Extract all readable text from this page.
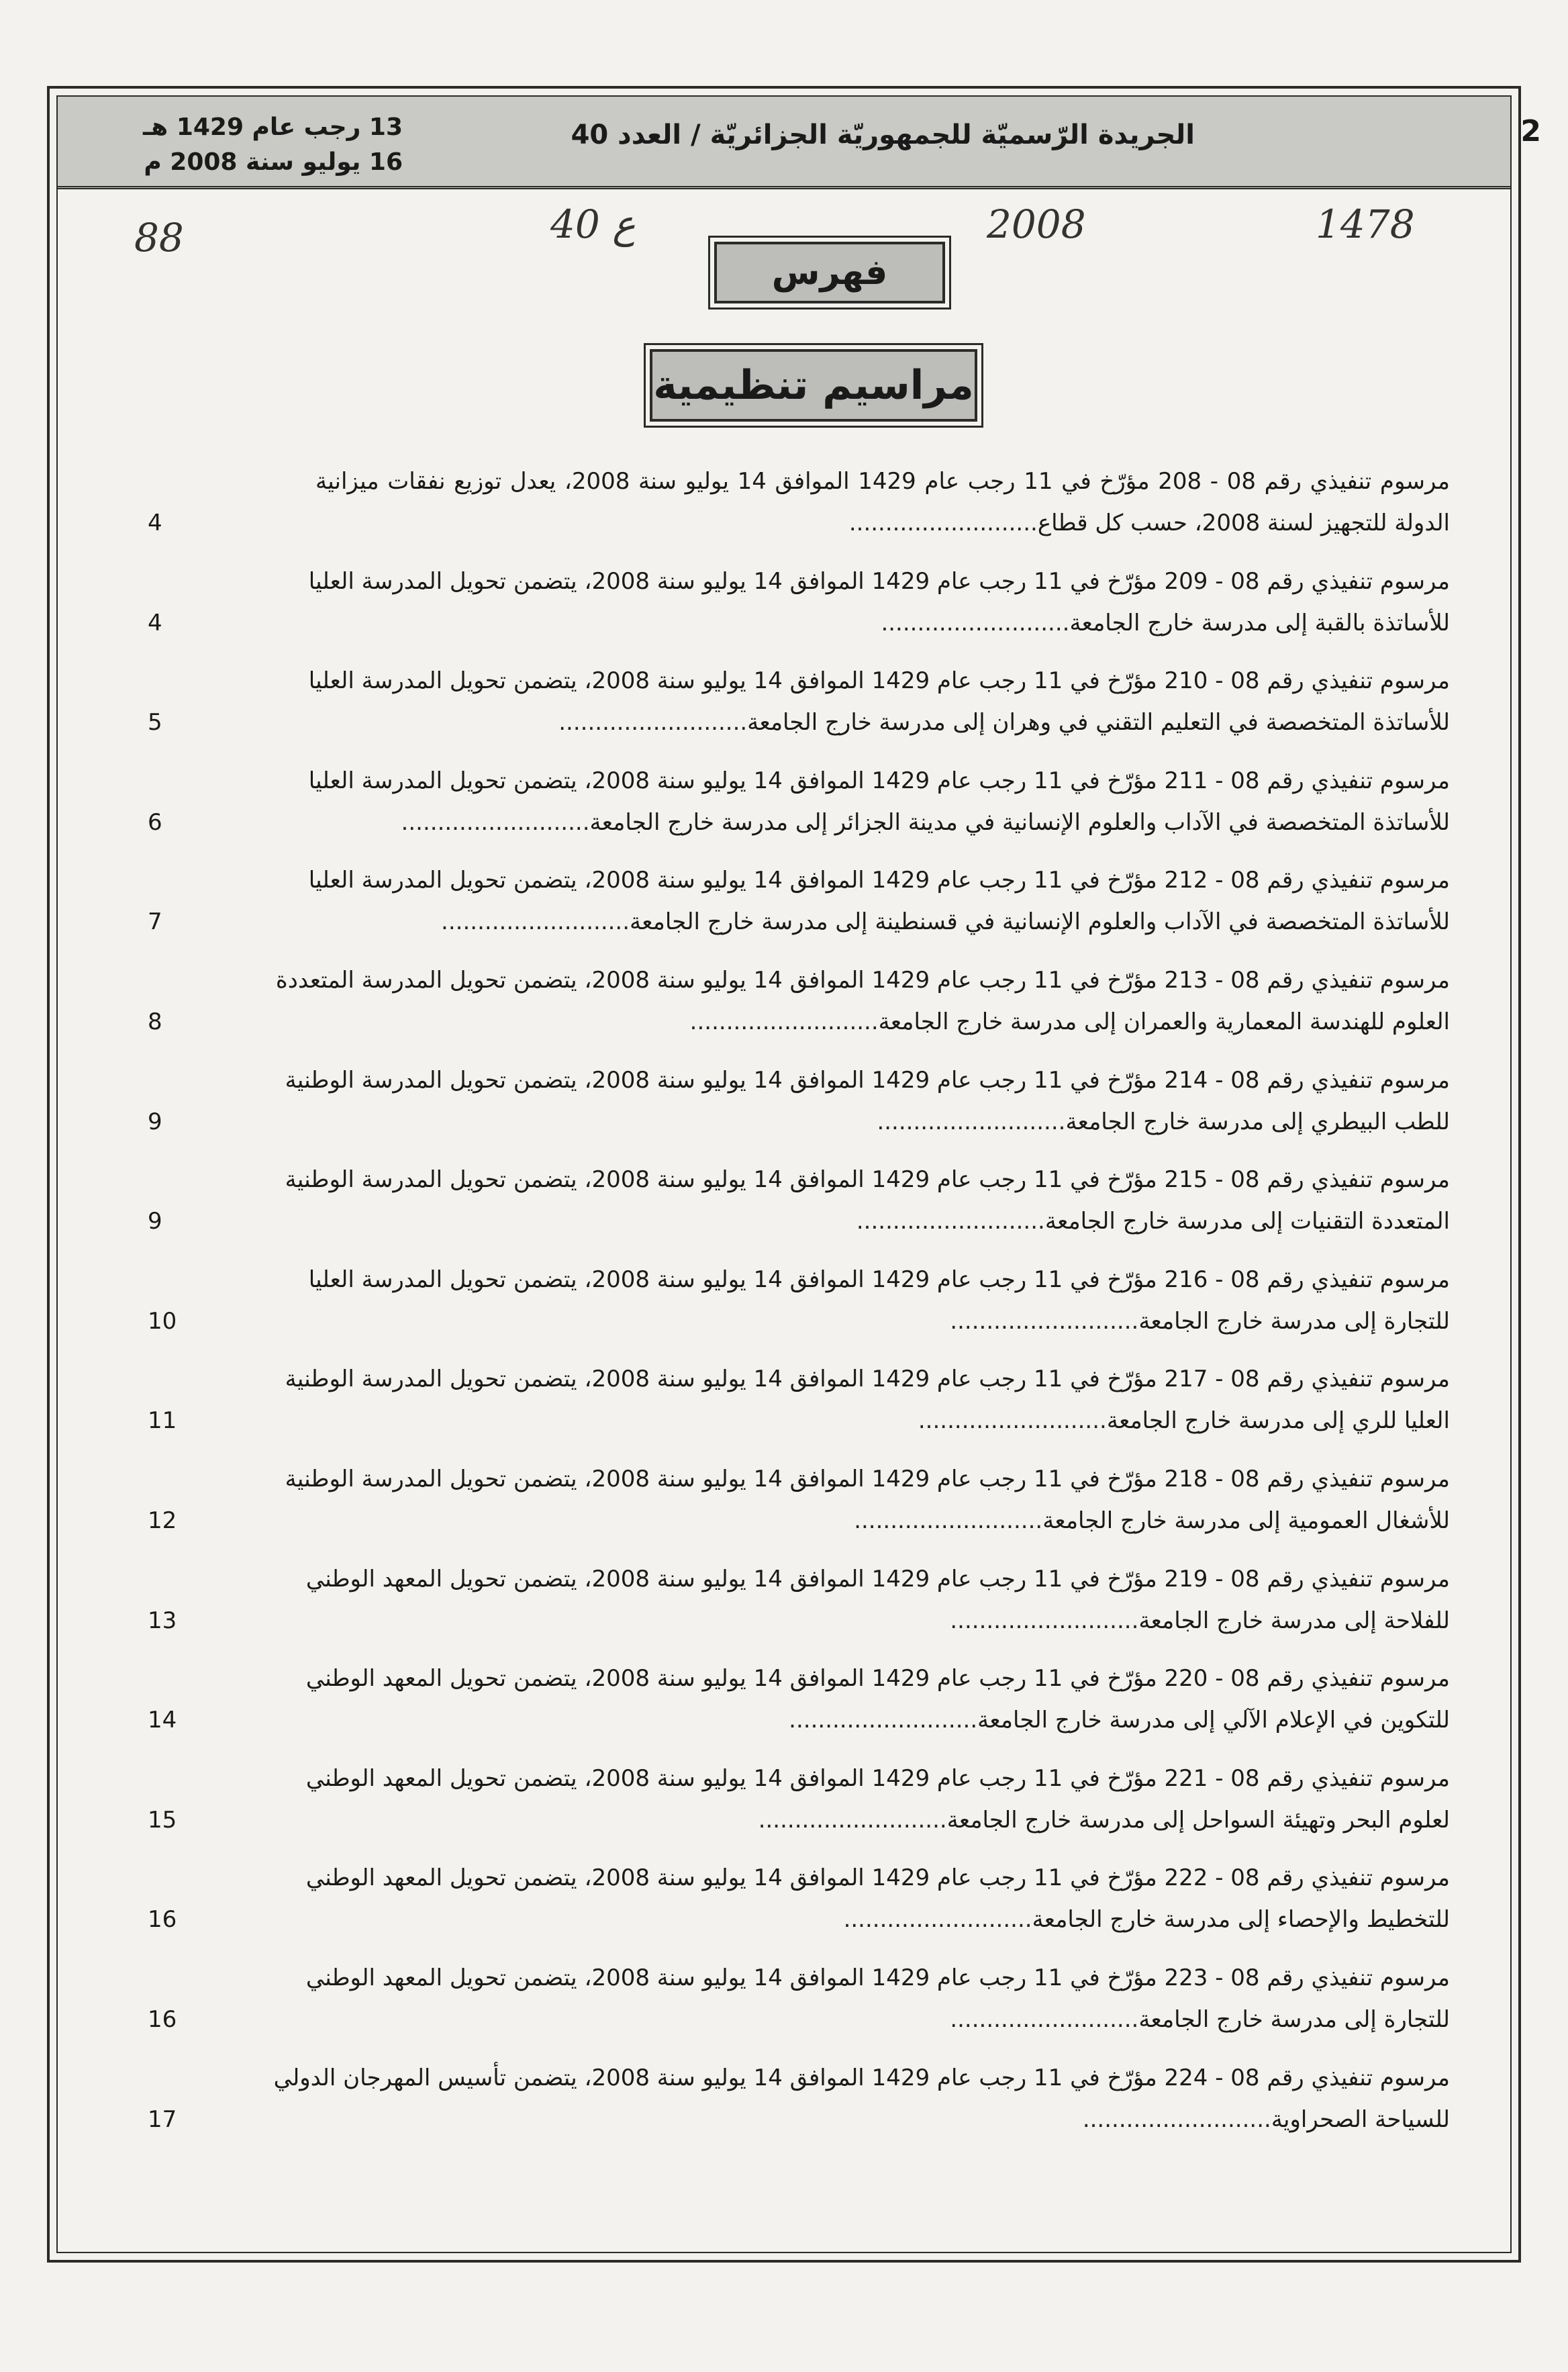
2
الجريدة الرّسميّة للجمهوريّة الجزائريّة / العدد 40
13 رجب عام 1429 هـ
16 يوليو سنة 2008 م
1478
2008
ع 40
88
فهرس
مراسيم تنظيمية
مرسوم تنفيذي رقم 08 - 208 مؤرّخ في 11 رجب عام 1429 الموافق 14 يوليو سنة 2008، يعدل توزيع نفقات ميزانية
الدولة للتجهيز لسنة 2008، حسب كل قطاع..........................
4
مرسوم تنفيذي رقم 08 - 209 مؤرّخ في 11 رجب عام 1429 الموافق 14 يوليو سنة 2008، يتضمن تحويل المدرسة العليا
للأساتذة بالقبة إلى مدرسة خارج الجامعة..........................
4
مرسوم تنفيذي رقم 08 - 210 مؤرّخ في 11 رجب عام 1429 الموافق 14 يوليو سنة 2008، يتضمن تحويل المدرسة العليا
للأساتذة المتخصصة في التعليم التقني في وهران إلى مدرسة خارج الجامعة..........................
5
مرسوم تنفيذي رقم 08 - 211 مؤرّخ في 11 رجب عام 1429 الموافق 14 يوليو سنة 2008، يتضمن تحويل المدرسة العليا
للأساتذة المتخصصة في الآداب والعلوم الإنسانية في مدينة الجزائر إلى مدرسة خارج الجامعة..........................
6
مرسوم تنفيذي رقم 08 - 212 مؤرّخ في 11 رجب عام 1429 الموافق 14 يوليو سنة 2008، يتضمن تحويل المدرسة العليا
للأساتذة المتخصصة في الآداب والعلوم الإنسانية في قسنطينة إلى مدرسة خارج الجامعة..........................
7
مرسوم تنفيذي رقم 08 - 213 مؤرّخ في 11 رجب عام 1429 الموافق 14 يوليو سنة 2008، يتضمن تحويل المدرسة المتعددة
العلوم للهندسة المعمارية والعمران إلى مدرسة خارج الجامعة..........................
8
مرسوم تنفيذي رقم 08 - 214 مؤرّخ في 11 رجب عام 1429 الموافق 14 يوليو سنة 2008، يتضمن تحويل المدرسة الوطنية
للطب البيطري إلى مدرسة خارج الجامعة..........................
9
مرسوم تنفيذي رقم 08 - 215 مؤرّخ في 11 رجب عام 1429 الموافق 14 يوليو سنة 2008، يتضمن تحويل المدرسة الوطنية
المتعددة التقنيات إلى مدرسة خارج الجامعة..........................
9
مرسوم تنفيذي رقم 08 - 216 مؤرّخ في 11 رجب عام 1429 الموافق 14 يوليو سنة 2008، يتضمن تحويل المدرسة العليا
للتجارة إلى مدرسة خارج الجامعة..........................
10
مرسوم تنفيذي رقم 08 - 217 مؤرّخ في 11 رجب عام 1429 الموافق 14 يوليو سنة 2008، يتضمن تحويل المدرسة الوطنية
العليا للري إلى مدرسة خارج الجامعة..........................
11
مرسوم تنفيذي رقم 08 - 218 مؤرّخ في 11 رجب عام 1429 الموافق 14 يوليو سنة 2008، يتضمن تحويل المدرسة الوطنية
للأشغال العمومية إلى مدرسة خارج الجامعة..........................
12
مرسوم تنفيذي رقم 08 - 219 مؤرّخ في 11 رجب عام 1429 الموافق 14 يوليو سنة 2008، يتضمن تحويل المعهد الوطني
للفلاحة إلى مدرسة خارج الجامعة..........................
13
مرسوم تنفيذي رقم 08 - 220 مؤرّخ في 11 رجب عام 1429 الموافق 14 يوليو سنة 2008، يتضمن تحويل المعهد الوطني
للتكوين في الإعلام الآلي إلى مدرسة خارج الجامعة..........................
14
مرسوم تنفيذي رقم 08 - 221 مؤرّخ في 11 رجب عام 1429 الموافق 14 يوليو سنة 2008، يتضمن تحويل المعهد الوطني
لعلوم البحر وتهيئة السواحل إلى مدرسة خارج الجامعة..........................
15
مرسوم تنفيذي رقم 08 - 222 مؤرّخ في 11 رجب عام 1429 الموافق 14 يوليو سنة 2008، يتضمن تحويل المعهد الوطني
للتخطيط والإحصاء إلى مدرسة خارج الجامعة..........................
16
مرسوم تنفيذي رقم 08 - 223 مؤرّخ في 11 رجب عام 1429 الموافق 14 يوليو سنة 2008، يتضمن تحويل المعهد الوطني
للتجارة إلى مدرسة خارج الجامعة..........................
16
مرسوم تنفيذي رقم 08 - 224 مؤرّخ في 11 رجب عام 1429 الموافق 14 يوليو سنة 2008، يتضمن تأسيس المهرجان الدولي
للسياحة الصحراوية..........................
17
